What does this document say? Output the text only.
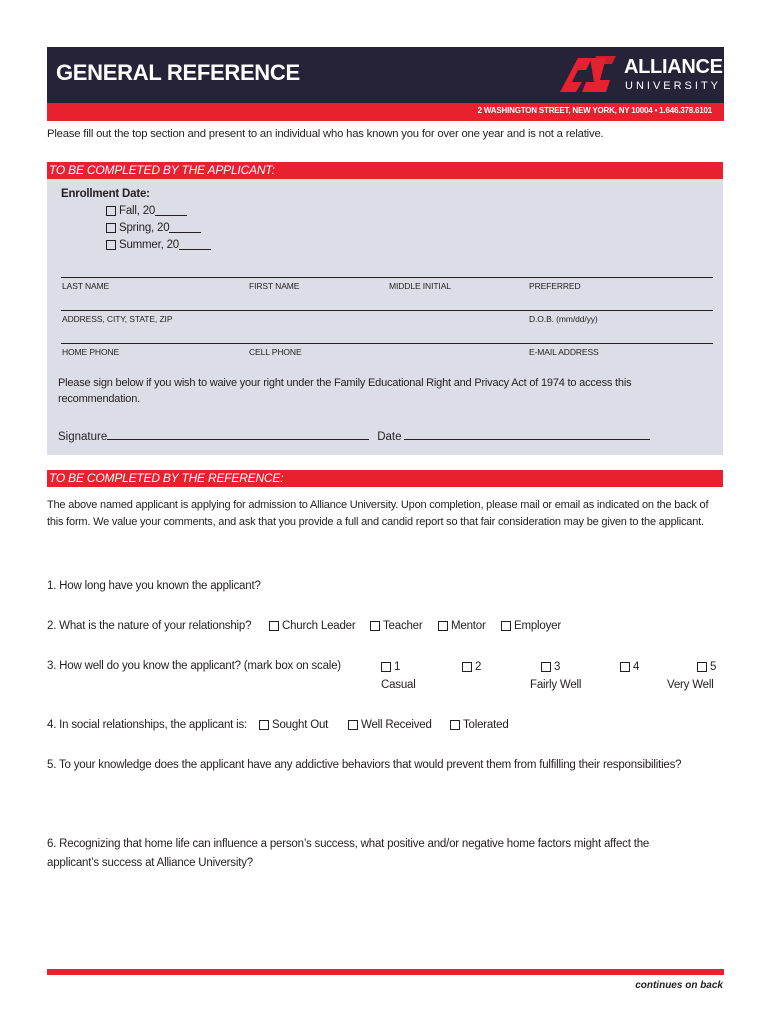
GENERAL REFERENCE	ALLIANCE
UNIVERSITY
2 WASHINGTON STREET, NEW YORK, NY 10004 • 1.646.378.6101
Please fill out the top section and present to an individual who has known you for over one year and is not a relative.
TO BE COMPLETED BY THE APPLICANT:
Enrollment Date:
Fall, 20
Spring, 20
Summer, 20
LAST NAME	FIRST NAME	MIDDLE INITIAL	PREFERRED
ADDRESS, CITY, STATE, ZIP	D.O.B. (mm/dd/yy)
HOME PHONE	CELL PHONE	E-MAIL ADDRESS
Please sign below if you wish to waive your right under the Family Educational Right and Privacy Act of 1974 to access this recommendation.
Signature	Date
TO BE COMPLETED BY THE REFERENCE:
The above named applicant is applying for admission to Alliance University. Upon completion, please mail or email as indicated on the back of this form. We value your comments, and ask that you provide a full and candid report so that fair consideration may be given to the applicant.
1. How long have you known the applicant?
2. What is the nature of your relationship?	Church Leader Teacher Mentor Employer
3. How well do you know the applicant? (mark box on scale)	1	2	3	4	5
Casual	Fairly Well	Very Well
4. In social relationships, the applicant is: Sought Out	Well Received	Tolerated
5. To your knowledge does the applicant have any addictive behaviors that would prevent them from fulfilling their responsibilities?
6. Recognizing that home life can influence a person’s success, what positive and/or negative home factors might affect the
applicant’s success at Alliance University?
continues on back
